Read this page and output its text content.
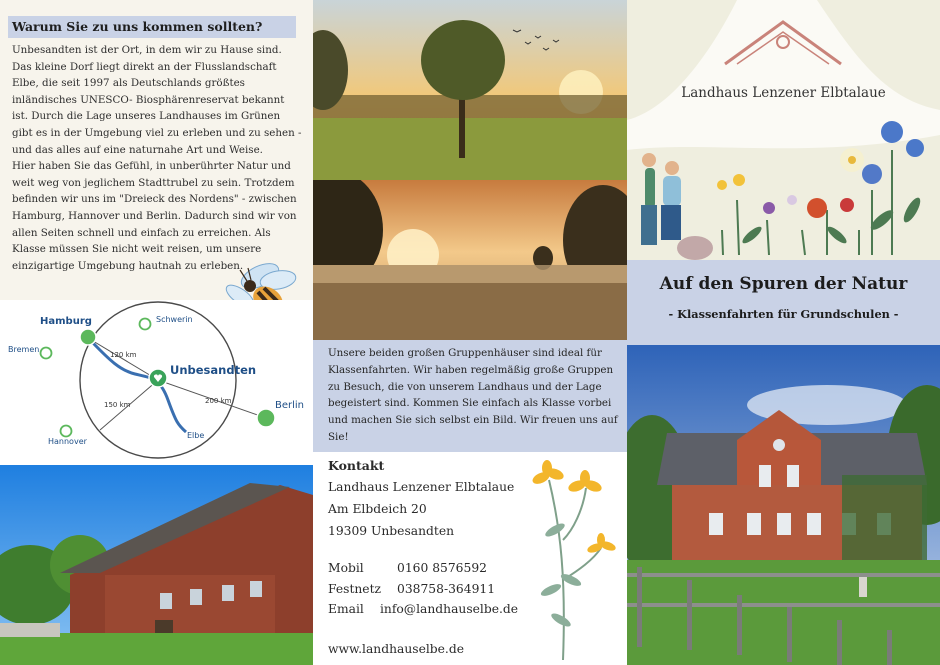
Warum Sie zu uns kommen sollten?

Unbesandten ist der Ort, in dem wir zu Hause sind. Das kleine Dorf liegt direkt an der Flusslandschaft Elbe, die seit 1997 als Deutschlands größtes inländisches UNESCO- Biosphärenreservat bekannt ist. Durch die Lage unseres Landhauses im Grünen gibt es in der Umgebung viel zu erleben und zu sehen - und das alles auf eine naturnahe Art und Weise.

Hier haben Sie das Gefühl, in unberührter Natur und weit weg von jeglichem Stadttrubel zu sein. Trotzdem befinden wir uns im "Dreieck des Nordens" - zwischen Hamburg, Hannover und Berlin. Dadurch sind wir von allen Seiten schnell und einfach zu erreichen. Als Klasse müssen Sie nicht weit reisen, um unsere einzigartige Umgebung hautnah zu erleben.

Hamburg	Schwerin
Bremen
Hannover
Berlin
Unbesandten
Elbe
120 km
150 km	200 km
Unsere beiden großen Gruppenhäuser sind ideal für Klassenfahrten. Wir haben regelmäßig große Gruppen zu Besuch, die von unserem Landhaus und der Lage begeistert sind. Kommen Sie einfach als Klasse vorbei und machen Sie sich selbst ein Bild. Wir freuen uns auf Sie!
Kontakt
Landhaus Lenzener Elbtalaue
Am Elbdeich 20
19309 Unbesandten
Mobil	0160 8576592
Festnetz 038758-364911
Email info@landhauselbe.de
www.landhauselbe.de
Landhaus Lenzener Elbtalaue
Auf den Spuren der Natur
- Klassenfahrten für Grundschulen -
